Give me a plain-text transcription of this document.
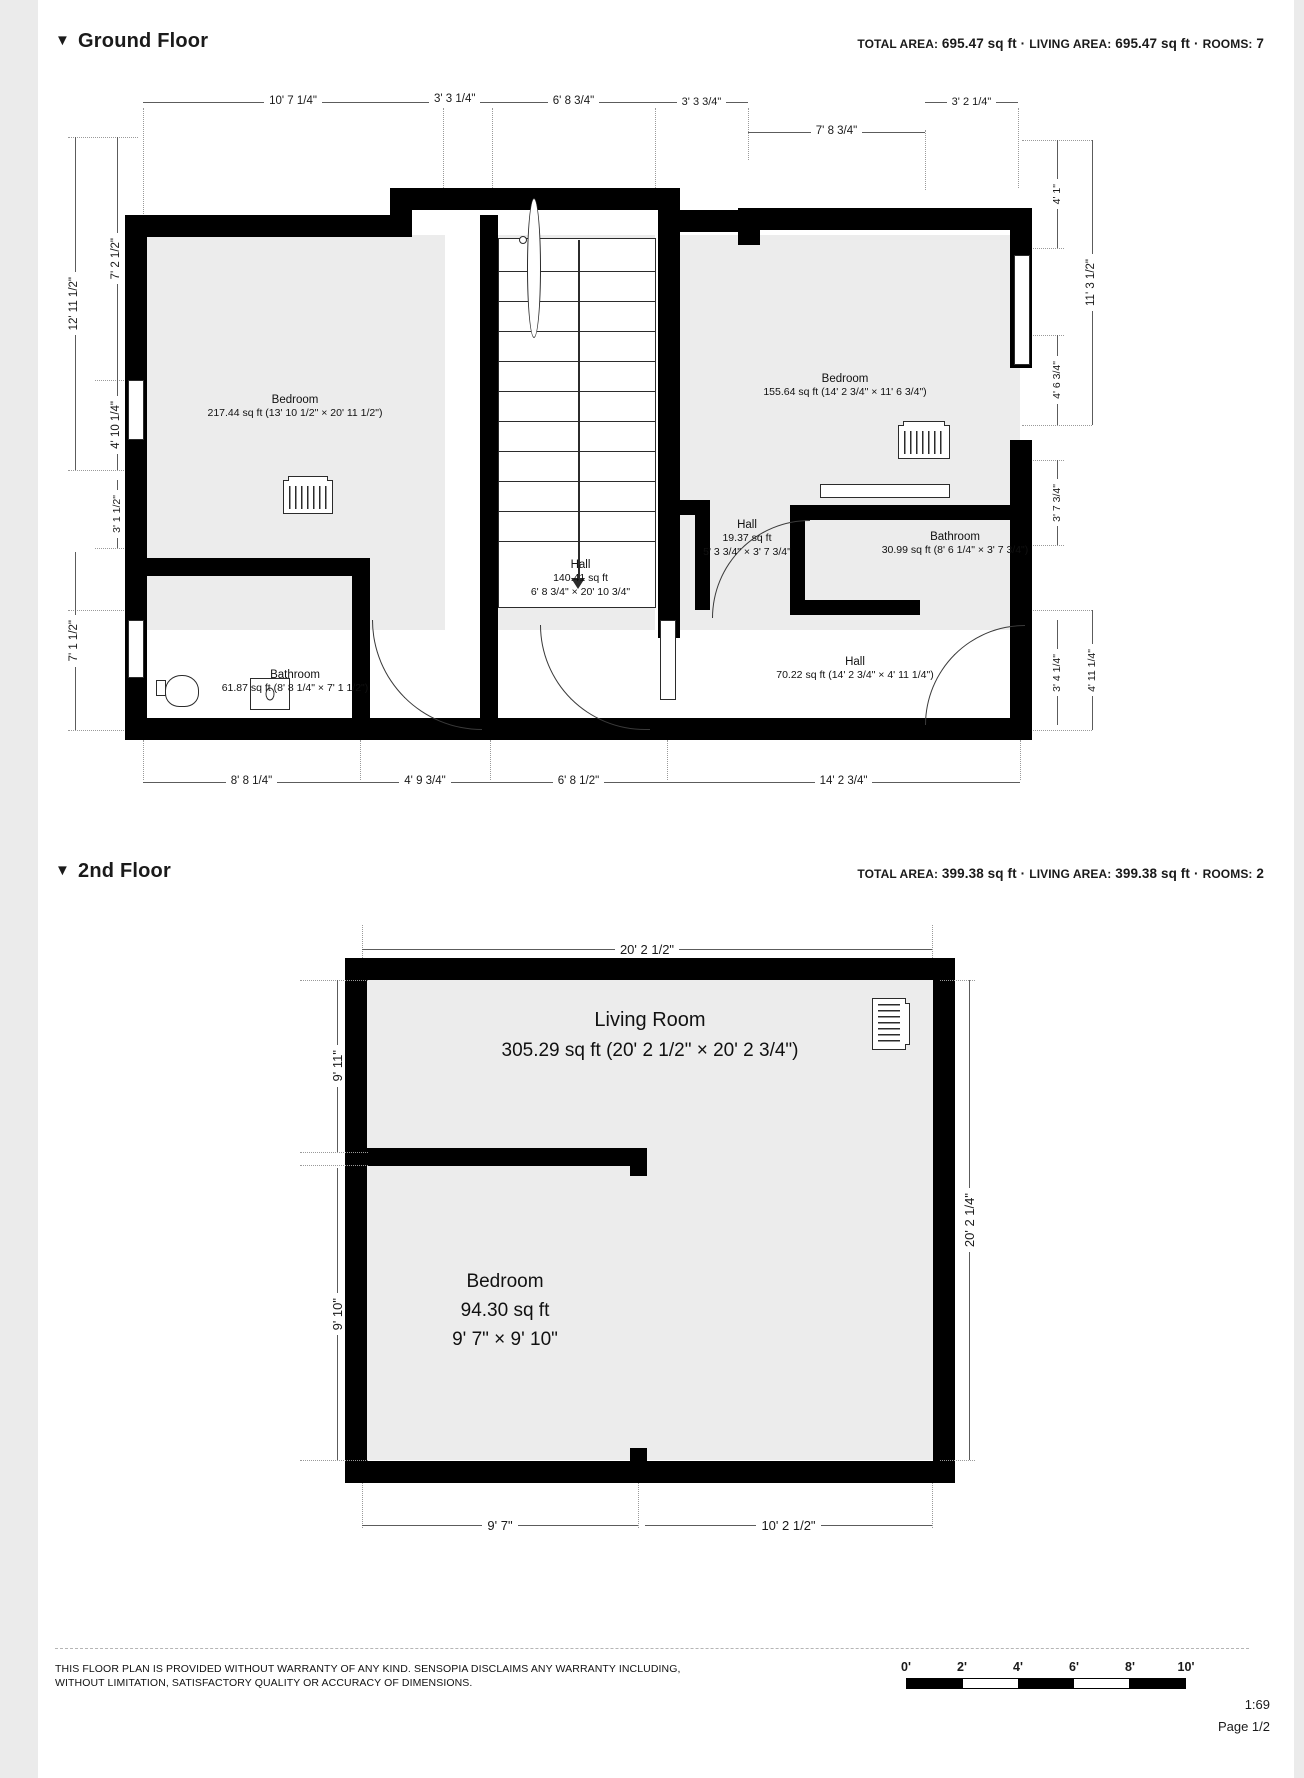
▼ Ground Floor	TOTAL AREA: 695.47 sq ft · LIVING AREA: 695.47 sq ft · ROOMS: 7
10' 7 1/4"	3' 3 1/4"	6' 8 3/4"	3' 3 3/4"
7' 8 3/4"
3' 2 1/4"
12' 11 1/2"
7' 2 1/2"
4' 10 1/4"
3' 1 1/2"
7' 1 1/2"
4' 1"
4' 6 3/4"
11' 3 1/2"
3' 7 3/4"
3' 4 1/4" 4' 11 1/4"
Bedroom
217.44 sq ft (13' 10 1/2" × 20' 11 1/2")
Bedroom
155.64 sq ft (14' 2 3/4" × 11' 6 3/4")
Bathroom
61.87 sq ft (8' 8 1/4" × 7' 1 1/2")
Bathroom
30.99 sq ft (8' 6 1/4" × 3' 7 3/4")
Hall
140.41 sq ft
6' 8 3/4" × 20' 10 3/4"
Hall
19.37 sq ft
5' 3 3/4" × 3' 7 3/4"
Hall
70.22 sq ft (14' 2 3/4" × 4' 11 1/4")
8' 8 1/4"	4' 9 3/4"	6' 8 1/2"	14' 2 3/4"
▼ 2nd Floor	TOTAL AREA: 399.38 sq ft · LIVING AREA: 399.38 sq ft · ROOMS: 2
20' 2 1/2"
Living Room
305.29 sq ft (20' 2 1/2" × 20' 2 3/4")
Bedroom
94.30 sq ft
9' 7" × 9' 10"
9' 11"
9' 10"
20' 2 1/4"
9' 7"	10' 2 1/2"
THIS FLOOR PLAN IS PROVIDED WITHOUT WARRANTY OF ANY KIND. SENSOPIA DISCLAIMS ANY WARRANTY INCLUDING,
WITHOUT LIMITATION, SATISFACTORY QUALITY OR ACCURACY OF DIMENSIONS.
0'	2'	4'	6'	8'	10'
1:69
Page 1/2
